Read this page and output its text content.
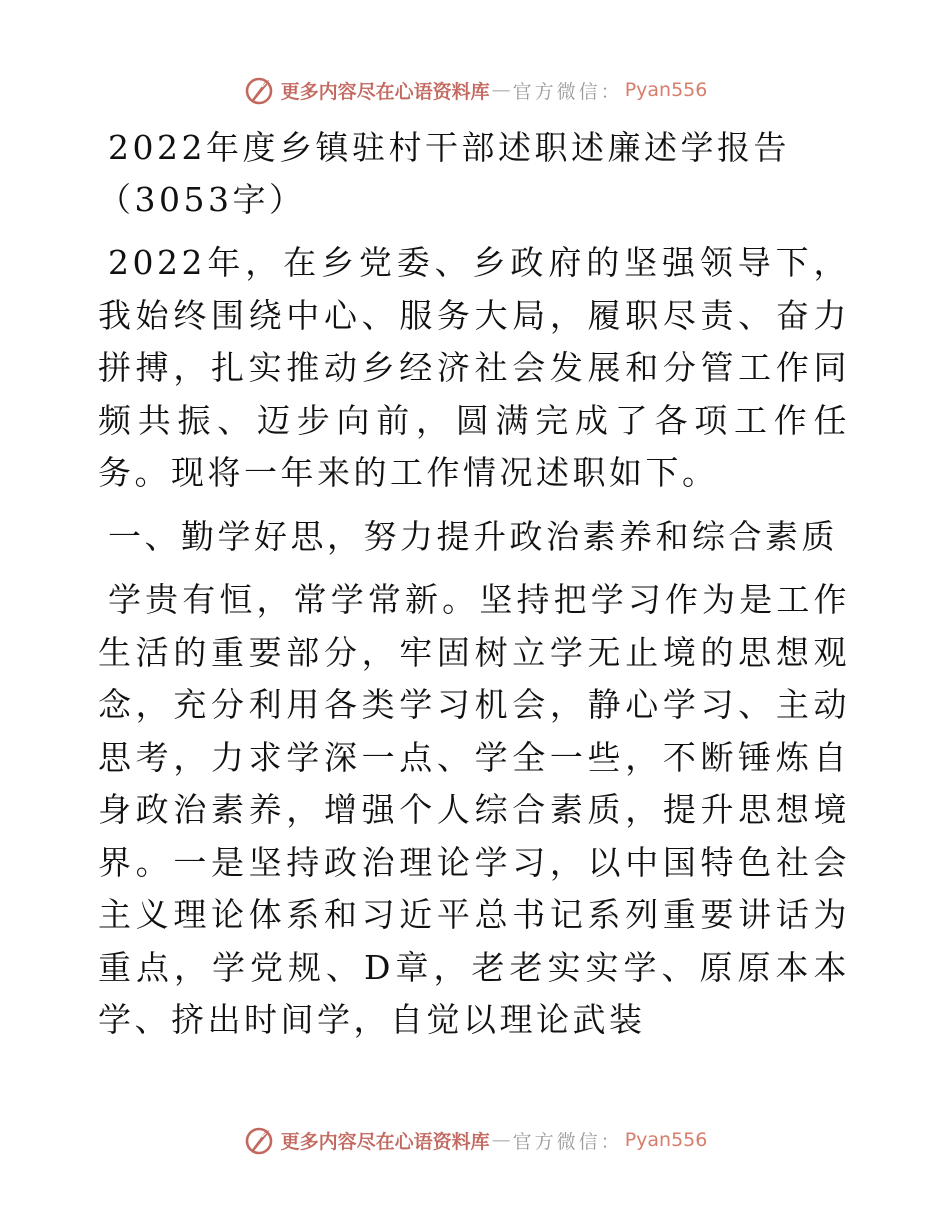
更多内容尽在心语资料库 — 官方微信： Pyan556
2022年度乡镇驻村干部述职述廉述学报告（3053字）

2022年，在乡党委、乡政府的坚强领导下，我始终围绕中心、服务大局，履职尽责、奋力拼搏，扎实推动乡经济社会发展和分管工作同频共振、迈步向前，圆满完成了各项工作任务。现将一年来的工作情况述职如下。

一、勤学好思，努力提升政治素养和综合素质

学贵有恒，常学常新。坚持把学习作为是工作生活的重要部分，牢固树立学无止境的思想观念，充分利用各类学习机会，静心学习、主动思考，力求学深一点、学全一些，不断锤炼自身政治素养，增强个人综合素质，提升思想境界。一是坚持政治理论学习，以中国特色社会主义理论体系和习近平总书记系列重要讲话为重点，学党规、D章，老老实实学、原原本本学、挤出时间学，自觉以理论武装

更多内容尽在心语资料库 — 官方微信： Pyan556
